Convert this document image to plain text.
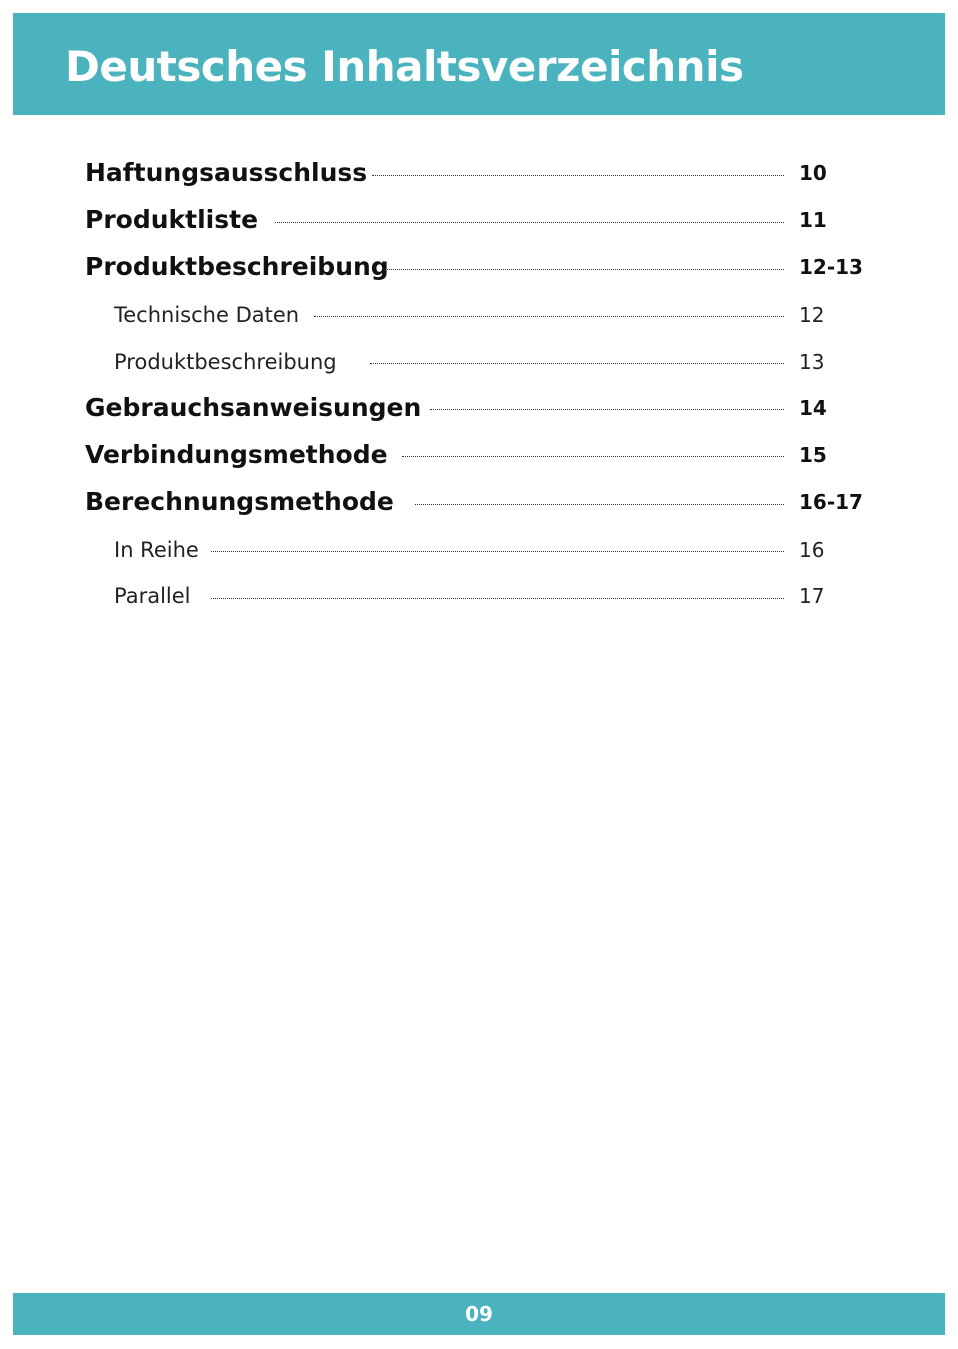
Deutsches Inhaltsverzeichnis
Haftungsausschluss	10
Produktliste	11
Produktbeschreibung	12-13
Technische Daten	12
Produktbeschreibung	13
Gebrauchsanweisungen	14
Verbindungsmethode	15
Berechnungsmethode	16-17
In Reihe	16
Parallel	17
09
